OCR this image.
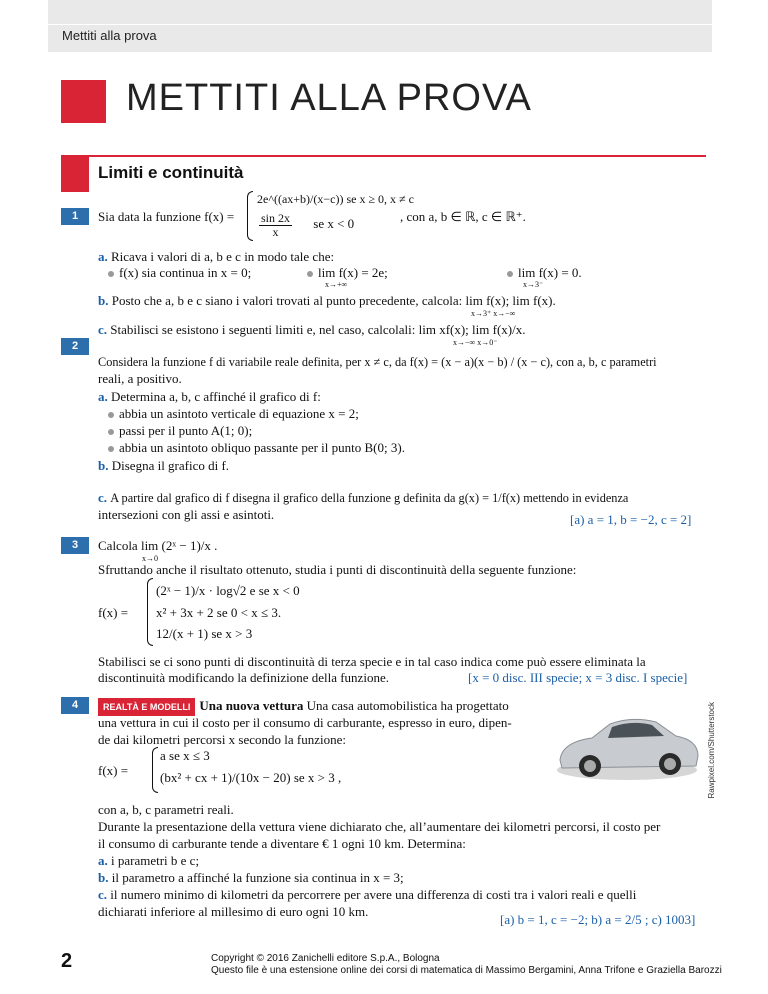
Mettiti alla prova
METTITI ALLA PROVA
Limiti e continuità
1	Sia data la funzione f(x) =
2e^((ax+b)/(x−c)) se x ≥ 0, x ≠ c
$\frac{\sin 2x}{x}$ se x < 0	, con a, b ∈ ℝ, c ∈ ℝ⁺.
a. Ricava i valori di a, b e c in modo tale che:
f(x) sia continua in x = 0;	lim f(x) = 2e;
x→+∞
lim f(x) = 0.
x→3⁻
b. Posto che a, b e c siano i valori trovati al punto precedente, calcola: lim f(x); lim f(x).
x→3⁺ x→−∞
c. Stabilisci se esistono i seguenti limiti e, nel caso, calcolali: lim xf(x); lim f(x)/x.
x→−∞ x→0⁻
2
Considera la funzione f di variabile reale definita, per x ≠ c, da f(x) = (x − a)(x − b) / (x − c), con a, b, c parametri
reali, a positivo.
a. Determina a, b, c affinché il grafico di f:
abbia un asintoto verticale di equazione x = 2;
passi per il punto A(1; 0);
abbia un asintoto obliquo passante per il punto B(0; 3).
b. Disegna il grafico di f.
c. A partire dal grafico di f disegna il grafico della funzione g definita da g(x) = 1/f(x) mettendo in evidenza
intersezioni con gli assi e asintoti.	[a) a = 1, b = −2, c = 2]
3	Calcola lim (2ˣ − 1)/x .
x→0
Sfruttando anche il risultato ottenuto, studia i punti di discontinuità della seguente funzione:
f(x) =
(2ˣ − 1)/x · log√2 e se x < 0
x² + 3x + 2 se 0 < x ≤ 3.
12/(x + 1) se x > 3
Stabilisci se ci sono punti di discontinuità di terza specie e in tal caso indica come può essere eliminata la
discontinuità modificando la definizione della funzione.	[x = 0 disc. III specie; x = 3 disc. I specie]
4	REALTÀ E MODELLI Una nuova vettura Una casa automobilistica ha progettato
una vettura in cui il costo per il consumo di carburante, espresso in euro, dipen-
de dai kilometri percorsi x secondo la funzione:
f(x) =
a se x ≤ 3
(bx² + cx + 1)/(10x − 20) se x > 3 ,	Rawpixel.com/Shutterstock
con a, b, c parametri reali.
Durante la presentazione della vettura viene dichiarato che, all’aumentare dei kilometri percorsi, il costo per
il consumo di carburante tende a diventare € 1 ogni 10 km. Determina:
a. i parametri b e c;
b. il parametro a affinché la funzione sia continua in x = 3;
c. il numero minimo di kilometri da percorrere per avere una differenza di costi tra i valori reali e quelli
dichiarati inferiore al millesimo di euro ogni 10 km.
[a) b = 1, c = −2; b) a = 2/5 ; c) 1003]
2	Copyright © 2016 Zanichelli editore S.p.A., Bologna
Questo file è una estensione online dei corsi di matematica di Massimo Bergamini, Anna Trifone e Graziella Barozzi
